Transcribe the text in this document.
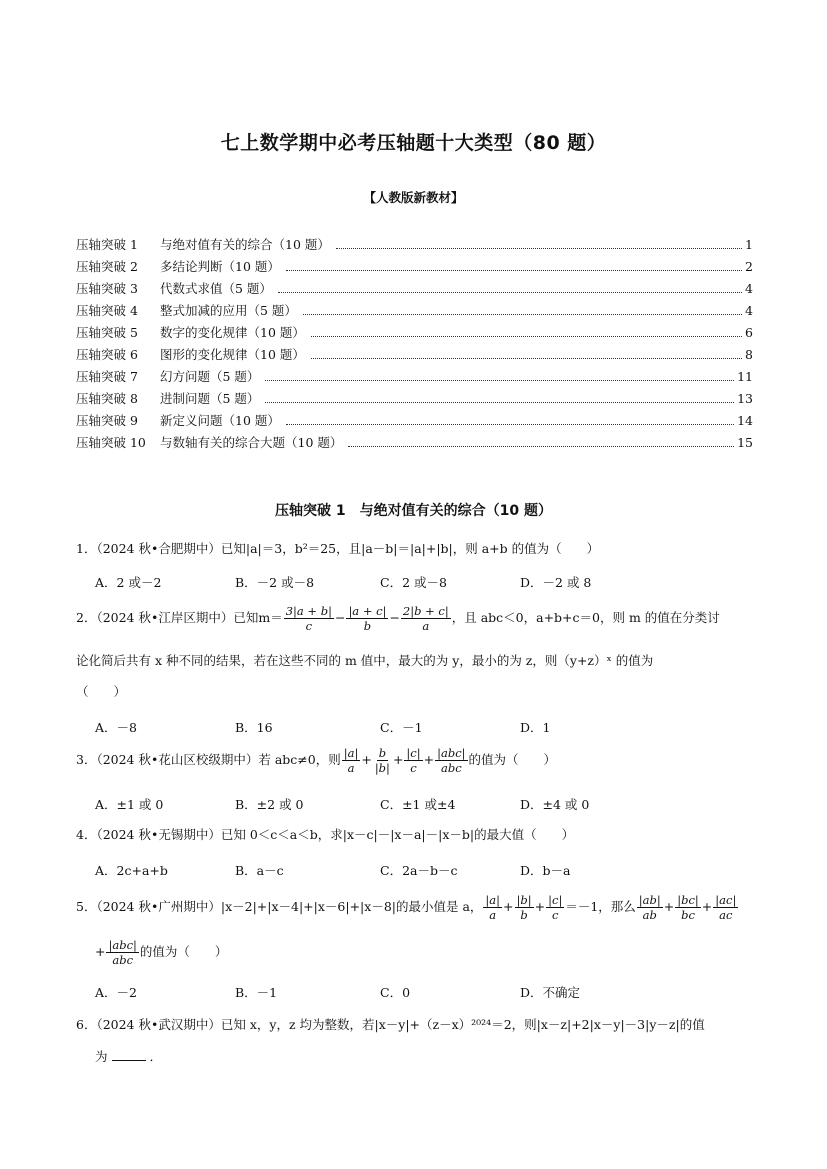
七上数学期中必考压轴题十大类型（80 题）
【人教版新教材】
压轴突破 1	与绝对值有关的综合（10 题）	1
压轴突破 2	多结论判断（10 题）	2
压轴突破 3	代数式求值（5 题）	4
压轴突破 4	整式加减的应用（5 题）	4
压轴突破 5	数字的变化规律（10 题）	6
压轴突破 6	图形的变化规律（10 题）	8
压轴突破 7	幻方问题（5 题）	11
压轴突破 8	进制问题（5 题）	13
压轴突破 9	新定义问题（10 题）	14
压轴突破 10	与数轴有关的综合大题（10 题）	15
压轴突破 1　与绝对值有关的综合（10 题）
1．（2024 秋•合肥期中）已知|a|＝3，b²＝25，且|a－b|＝|a|+|b|，则 a+b 的值为（　　）
A．2 或－2	B．－2 或－8	C．2 或－8	D．－2 或 8
2．（2024 秋•江岸区期中）已知$m= \frac{3|a + b|}{c} - \frac{|a + c|}{b} - \frac{2|b + c|}{a}$ ，且 abc＜0，a+b+c＝0，则 m 的值在分类讨
论化简后共有 x 种不同的结果，若在这些不同的 m 值中，最大的为 y，最小的为 z，则（y+z）ˣ 的值为
（　　）
A．－8	B．16	C．－1	D．1
3．（2024 秋•花山区校级期中）若 abc≠0，则 $\frac{|a|}{a} + \frac{b}{|b|} + \frac{|c|}{c} + \frac{\text{|abc|}}{\text{abc}}$ 的值为（　　）
A．±1 或 0	B．±2 或 0	C．±1 或±4	D．±4 或 0
4．（2024 秋•无锡期中）已知 0＜c＜a＜b，求|x－c|－|x－a|－|x－b|的最大值（　　）
A．2c+a+b	B．a－c	C．2a－b－c	D．b－a
5．（2024 秋•广州期中）|x－2|+|x－4|+|x－6|+|x－8|的最小值是 a， $\frac{|a|}{a} + \frac{|b|}{b} + \frac{|c|}{c} =-1$，那么 $\frac{|ab|}{ab} + \frac{|bc|}{bc} + \frac{|ac|}{ac}$
+ $\frac{\text{|abc|}}{\text{abc}}$ 的值为（　　）
A．－2	B．－1	C．0	D．不确定
6．（2024 秋•武汉期中）已知 x，y，z 均为整数，若|x－y|+（z－x）²⁰²⁴＝2，则|x－z|+2|x－y|－3|y－z|的值
为	．
